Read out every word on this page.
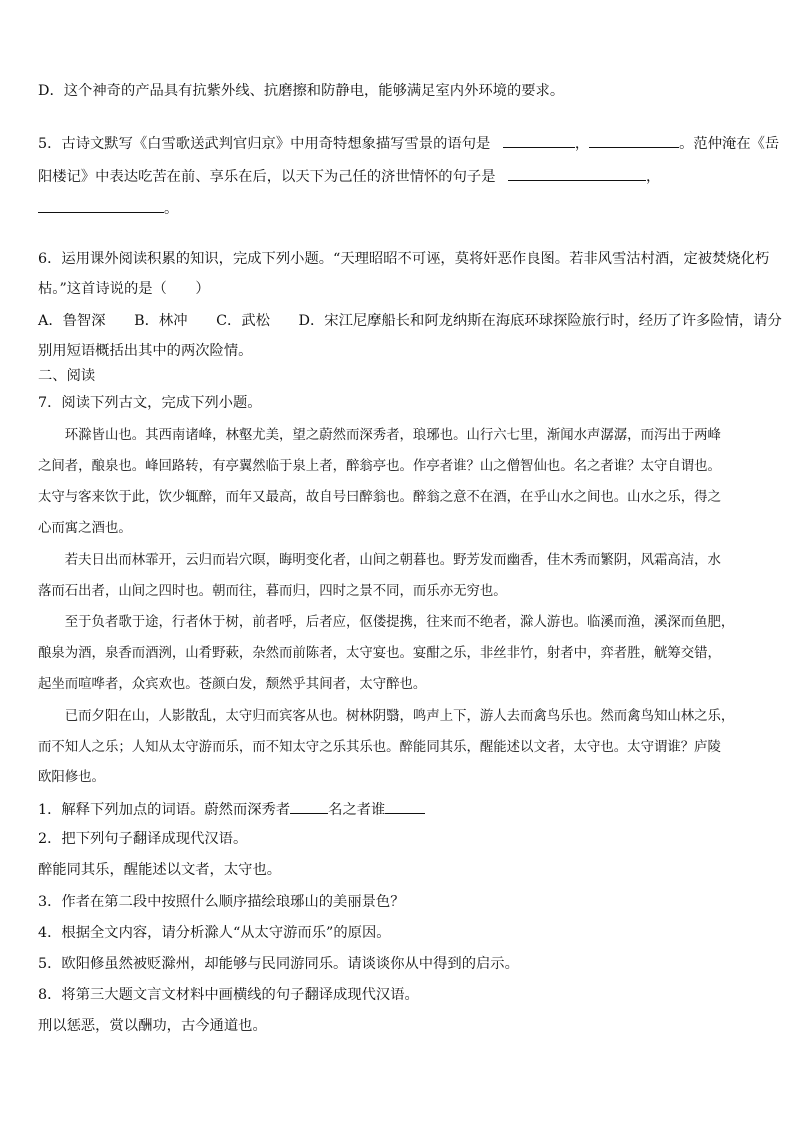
D．这个神奇的产品具有抗紫外线、抗磨擦和防静电，能够满足室内外环境的要求。
5．古诗文默写《白雪歌送武判官归京》中用奇特想象描写雪景的语句是	，	。范仲淹在《岳
阳楼记》中表达吃苦在前、享乐在后，以天下为己任的济世情怀的句子是	，
。
6．运用课外阅读积累的知识，完成下列小题。“天理昭昭不可诬，莫将奸恶作良图。若非风雪沽村酒，定被焚烧化朽
枯。”这首诗说的是（　　）
A．鲁智深　　B．林冲　　C．武松　　D．宋江尼摩船长和阿龙纳斯在海底环球探险旅行时，经历了许多险情，请分
别用短语概括出其中的两次险情。
二、阅读
7．阅读下列古文，完成下列小题。
　　环滁皆山也。其西南诸峰，林壑尤美，望之蔚然而深秀者，琅琊也。山行六七里，渐闻水声潺潺，而泻出于两峰
之间者，酿泉也。峰回路转，有亭翼然临于泉上者，醉翁亭也。作亭者谁？山之僧智仙也。名之者谁？太守自谓也。
太守与客来饮于此，饮少辄醉，而年又最高，故自号曰醉翁也。醉翁之意不在酒，在乎山水之间也。山水之乐，得之
心而寓之酒也。
　　若夫日出而林霏开，云归而岩穴暝，晦明变化者，山间之朝暮也。野芳发而幽香，佳木秀而繁阴，风霜高洁，水
落而石出者，山间之四时也。朝而往，暮而归，四时之景不同，而乐亦无穷也。
　　至于负者歌于途，行者休于树，前者呼，后者应，伛偻提携，往来而不绝者，滁人游也。临溪而渔，溪深而鱼肥，
酿泉为酒，泉香而酒洌，山肴野蔌，杂然而前陈者，太守宴也。宴酣之乐，非丝非竹，射者中，弈者胜，觥筹交错，
起坐而喧哗者，众宾欢也。苍颜白发，颓然乎其间者，太守醉也。
　　已而夕阳在山，人影散乱，太守归而宾客从也。树林阴翳，鸣声上下，游人去而禽鸟乐也。然而禽鸟知山林之乐，
而不知人之乐；人知从太守游而乐，而不知太守之乐其乐也。醉能同其乐，醒能述以文者，太守也。太守谓谁？庐陵
欧阳修也。
1．解释下列加点的词语。蔚然而深秀者	名之者谁
2．把下列句子翻译成现代汉语。
醉能同其乐，醒能述以文者，太守也。
3．作者在第二段中按照什么顺序描绘琅琊山的美丽景色？
4．根据全文内容，请分析滁人“从太守游而乐”的原因。
5．欧阳修虽然被贬滁州，却能够与民同游同乐。请谈谈你从中得到的启示。
8．将第三大题文言文材料中画横线的句子翻译成现代汉语。
刑以惩恶，赏以酬功，古今通道也。
